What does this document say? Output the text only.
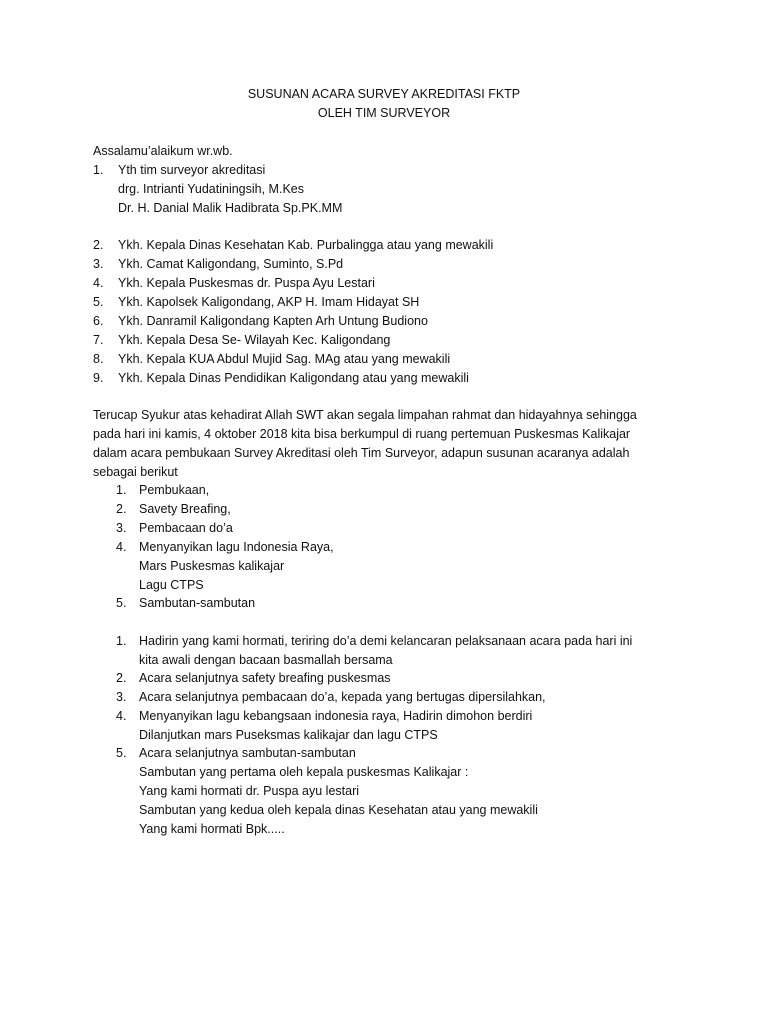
SUSUNAN ACARA SURVEY AKREDITASI FKTP
OLEH TIM SURVEYOR
Assalamu’alaikum wr.wb.
1. Yth tim surveyor akreditasi
drg. Intrianti Yudatiningsih, M.Kes
Dr. H. Danial Malik Hadibrata Sp.PK.MM
2. Ykh. Kepala Dinas Kesehatan Kab. Purbalingga atau yang mewakili
3. Ykh. Camat Kaligondang, Suminto, S.Pd
4. Ykh. Kepala Puskesmas dr. Puspa Ayu Lestari
5. Ykh. Kapolsek Kaligondang, AKP H. Imam Hidayat SH
6. Ykh. Danramil Kaligondang Kapten Arh Untung Budiono
7. Ykh. Kepala Desa Se- Wilayah Kec. Kaligondang
8. Ykh. Kepala KUA Abdul Mujid Sag. MAg atau yang mewakili
9. Ykh. Kepala Dinas Pendidikan Kaligondang atau yang mewakili
Terucap Syukur atas kehadirat Allah SWT akan segala limpahan rahmat dan hidayahnya sehingga
pada hari ini kamis, 4 oktober 2018 kita bisa berkumpul di ruang pertemuan Puskesmas Kalikajar
dalam acara pembukaan Survey Akreditasi oleh Tim Surveyor, adapun susunan acaranya adalah
sebagai berikut
1. Pembukaan,
2. Savety Breafing,
3. Pembacaan do’a
4. Menyanyikan lagu Indonesia Raya,
Mars Puskesmas kalikajar
Lagu CTPS
5. Sambutan-sambutan
1. Hadirin yang kami hormati, teriring do’a demi kelancaran pelaksanaan acara pada hari ini
kita awali dengan bacaan basmallah bersama
2. Acara selanjutnya safety breafing puskesmas
3. Acara selanjutnya pembacaan do’a, kepada yang bertugas dipersilahkan,
4. Menyanyikan lagu kebangsaan indonesia raya, Hadirin dimohon berdiri
Dilanjutkan mars Puseksmas kalikajar dan lagu CTPS
5. Acara selanjutnya sambutan-sambutan
Sambutan yang pertama oleh kepala puskesmas Kalikajar :
Yang kami hormati dr. Puspa ayu lestari
Sambutan yang kedua oleh kepala dinas Kesehatan atau yang mewakili
Yang kami hormati Bpk.....
